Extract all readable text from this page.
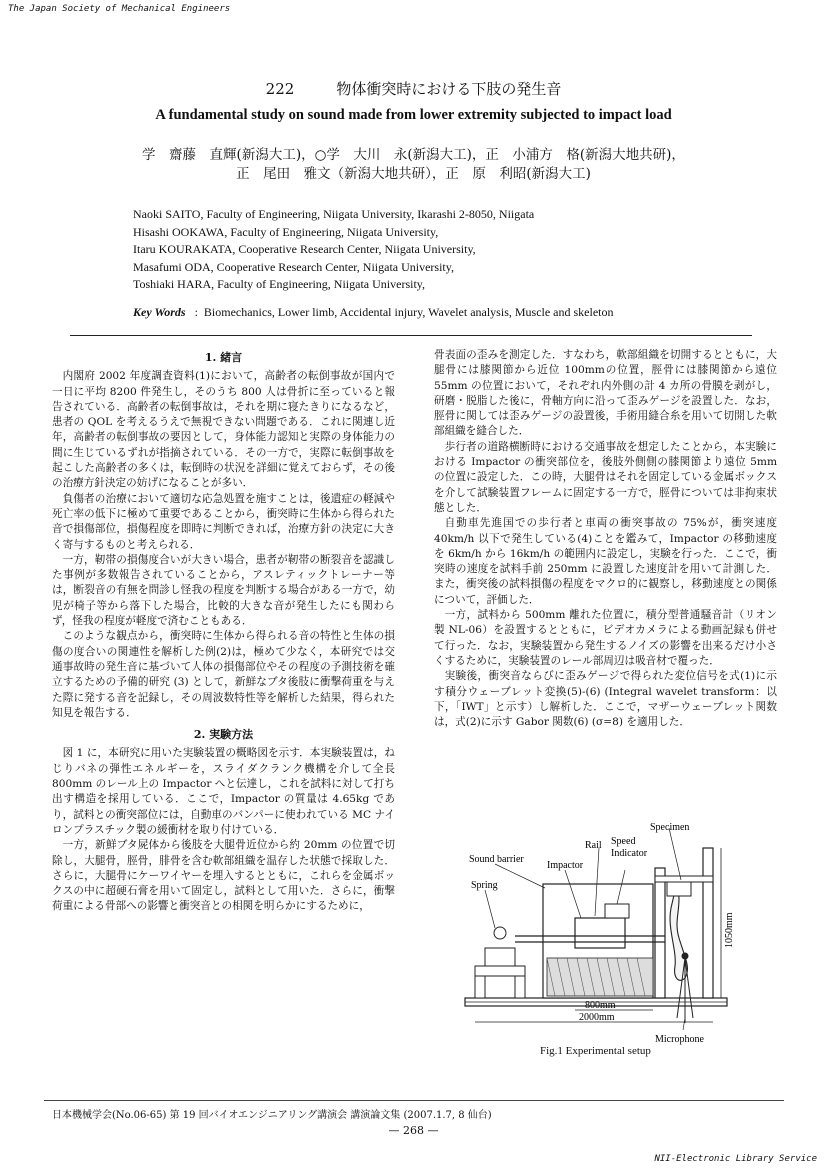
The Japan Society of Mechanical Engineers
222	物体衝突時における下肢の発生音
A fundamental study on sound made from lower extremity subjected to impact load
学　齋藤　直輝(新潟大工)，○学　大川　永(新潟大工)，正　小浦方　格(新潟大地共研)，
正　尾田　雅文（新潟大地共研），正　原　利昭(新潟大工)
Naoki SAITO, Faculty of Engineering, Niigata University, Ikarashi 2-8050, Niigata
Hisashi OOKAWA, Faculty of Engineering, Niigata University,
Itaru KOURAKATA, Cooperative Research Center, Niigata University,
Masafumi ODA, Cooperative Research Center, Niigata University,
Toshiaki HARA, Faculty of Engineering, Niigata University,
Key Words : Biomechanics, Lower limb, Accidental injury, Wavelet analysis, Muscle and skeleton
1. 緒言

内閣府 2002 年度調査資料(1)において，高齢者の転倒事故が国内で一日に平均 8200 件発生し，そのうち 800 人は骨折に至っていると報告されている．高齢者の転倒事故は，それを期に寝たきりになるなど，患者の QOL を考えるうえで無視できない問題である．これに関連し近年，高齢者の転倒事故の要因として，身体能力認知と実際の身体能力の間に生じているずれが指摘されている．その一方で，実際に転倒事故を起こした高齢者の多くは，転倒時の状況を詳細に覚えておらず，その後の治療方針決定の妨げになることが多い．

負傷者の治療において適切な応急処置を施すことは，後遺症の軽減や死亡率の低下に極めて重要であることから，衝突時に生体から得られた音で損傷部位，損傷程度を即時に判断できれば，治療方針の決定に大きく寄与するものと考えられる．

一方，靭帯の損傷度合いが大きい場合，患者が靭帯の断裂音を認識した事例が多数報告されていることから，アスレティックトレーナー等は，断裂音の有無を問診し怪我の程度を判断する場合がある一方で，幼児が椅子等から落下した場合，比較的大きな音が発生したにも関わらず，怪我の程度が軽度で済むこともある．

このような観点から，衝突時に生体から得られる音の特性と生体の損傷の度合いの関連性を解析した例(2)は，極めて少なく，本研究では交通事故時の発生音に基づいて人体の損傷部位やその程度の予測技術を確立するための予備的研究 (3) として，新鮮なブタ後肢に衝撃荷重を与えた際に発する音を記録し，その周波数特性等を解析した結果，得られた知見を報告する．

2. 実験方法

図 1 に，本研究に用いた実験装置の概略図を示す．本実験装置は，ねじりバネの弾性エネルギーを，スライダクランク機構を介して全長 800mm のレール上の Impactor へと伝達し，これを試料に対して打ち出す構造を採用している．ここで，Impactor の質量は 4.65kg であり，試料との衝突部位には，自動車のバンパーに使われている MC ナイロンプラスチック製の緩衝材を取り付けている．

一方，新鮮ブタ屍体から後肢を大腿骨近位から約 20mm の位置で切除し，大腿骨，脛骨，腓骨を含む軟部組織を温存した状態で採取した．さらに，大腿骨にケーワイヤーを埋入するとともに，これらを金属ボックスの中に超硬石膏を用いて固定し，試料として用いた．さらに，衝撃荷重による骨部への影響と衝突音との相関を明らかにするために，

骨表面の歪みを測定した．すなわち，軟部組織を切開するとともに，大腿骨には膝関節から近位 100mmの位置，脛骨には膝関節から遠位 55mm の位置において，それぞれ内外側の計 4 カ所の骨膜を剥がし，研磨・脱脂した後に，骨軸方向に沿って歪みゲージを設置した．なお，脛骨に関しては歪みゲージの設置後，手術用縫合糸を用いて切開した軟部組織を縫合した．

歩行者の道路横断時における交通事故を想定したことから，本実験における Impactor の衝突部位を，後肢外側側の膝関節より遠位 5mm の位置に設定した．この時，大腿骨はそれを固定している金属ボックスを介して試験装置フレームに固定する一方で，脛骨については非拘束状態とした．

自動車先進国での歩行者と車両の衝突事故の 75%が，衝突速度 40km/h 以下で発生している(4)ことを鑑みて，Impactor の移動速度を 6km/h から 16km/h の範囲内に設定し，実験を行った．ここで，衝突時の速度を試料手前 250mm に設置した速度計を用いて計測した．また，衝突後の試料損傷の程度をマクロ的に観察し，移動速度との関係について，評価した．

一方，試料から 500mm 離れた位置に，積分型普通騒音計（リオン製 NL-06）を設置するとともに，ビデオカメラによる動画記録も併せて行った．なお，実験装置から発生するノイズの影響を出来るだけ小さくするために，実験装置のレール部周辺は吸音材で覆った．

実験後，衝突音ならびに歪みゲージで得られた変位信号を式(1)に示す積分ウェーブレット変換(5)-(6) (Integral wavelet transform：以下，「IWT」と示す）し解析した．ここで，マザーウェーブレット関数は，式(2)に示す Gabor 関数(6) (σ=8) を適用した．

Specimen
Rail Speed
Indicator
Sound barrier
Impactor
Spring
800mm
2000mm
1050mm
Microphone
Fig.1 Experimental setup
日本機械学会(No.06-65) 第 19 回バイオエンジニアリング講演会 講演論文集 (2007.1.7, 8 仙台)
— 268 —
NII-Electronic Library Service
